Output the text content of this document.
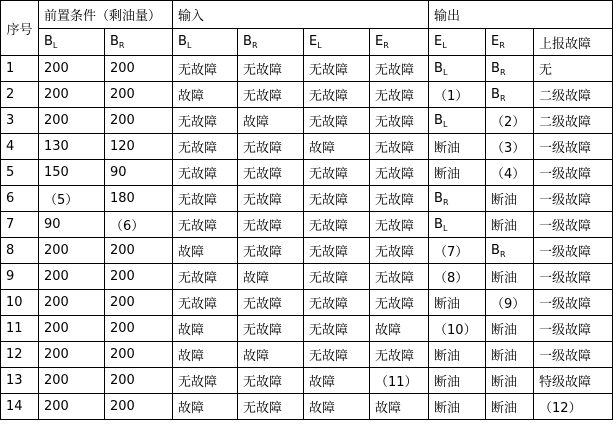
序号	前置条件（剩油量）		输入				输出		
	$B_L$	$B_R$	$B_L$	$B_R$	$E_L$	$E_R$	$E_L$	$E_R$	上报故障
1	200	200	无故障	无故障	无故障	无故障	$B_L$	$B_R$	无
2	200	200	故障	无故障	无故障	无故障	（1）	$B_R$	二级故障
3	200	200	无故障	故障	无故障	无故障	$B_L$	（2）	二级故障
4	130	120	无故障	无故障	故障	无故障	断油	（3）	一级故障
5	150	90	无故障	无故障	无故障	无故障	断油	（4）	一级故障
6	（5）	180	无故障	无故障	无故障	无故障	$B_R$	断油	一级故障
7	90	（6）	无故障	无故障	无故障	无故障	$B_L$	断油	一级故障
8	200	200	故障	无故障	无故障	无故障	（7）	$B_R$	一级故障
9	200	200	无故障	故障	无故障	无故障	（8）	断油	一级故障
10	200	200	无故障	无故障	无故障	无故障	断油	（9）	一级故障
11	200	200	故障	无故障	无故障	故障	（10）	断油	一级故障
12	200	200	故障	故障	无故障	无故障	断油	断油	一级故障
13	200	200	无故障	无故障	故障	（11）	断油	断油	特级故障
14	200	200	故障	无故障	故障	故障	断油	断油	（12）
